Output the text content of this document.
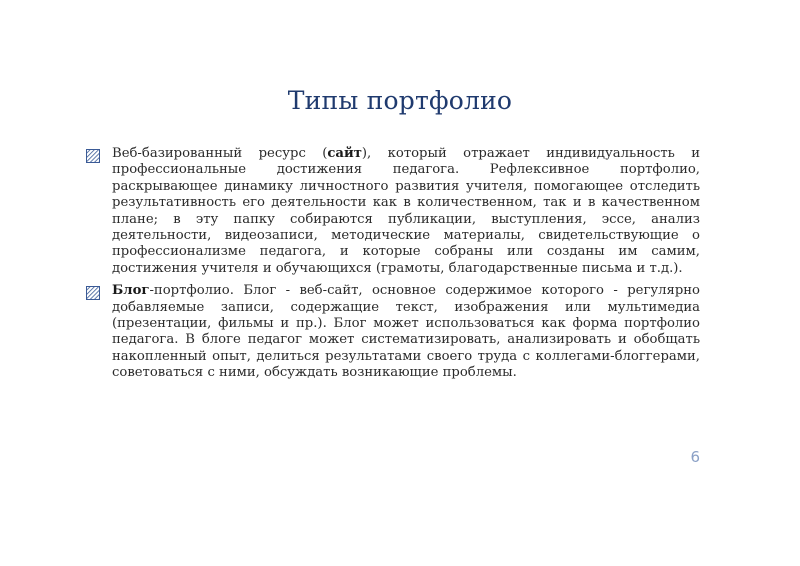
Типы портфолио
Веб-базированный ресурс (сайт), который отражает индивидуальность и профессиональные достижения педагога. Рефлексивное портфолио, раскрывающее динамику личностного развития учителя, помогающее отследить результативность его деятельности как в количественном, так и в качественном плане; в эту папку собираются публикации, выступления, эссе, анализ деятельности, видеозаписи, методические материалы, свидетельствующие о профессионализме педагога, и которые собраны или созданы им самим, достижения учителя и обучающихся (грамоты, благодарственные письма и т.д.).
Блог-портфолио. Блог - веб-сайт, основное содержимое которого - регулярно добавляемые записи, содержащие текст, изображения или мультимедиа (презентации, фильмы и пр.). Блог может использоваться как форма портфолио педагога. В блоге педагог может систематизировать, анализировать и обобщать накопленный опыт, делиться результатами своего труда с коллегами-блоггерами, советоваться с ними, обсуждать возникающие проблемы.
6
